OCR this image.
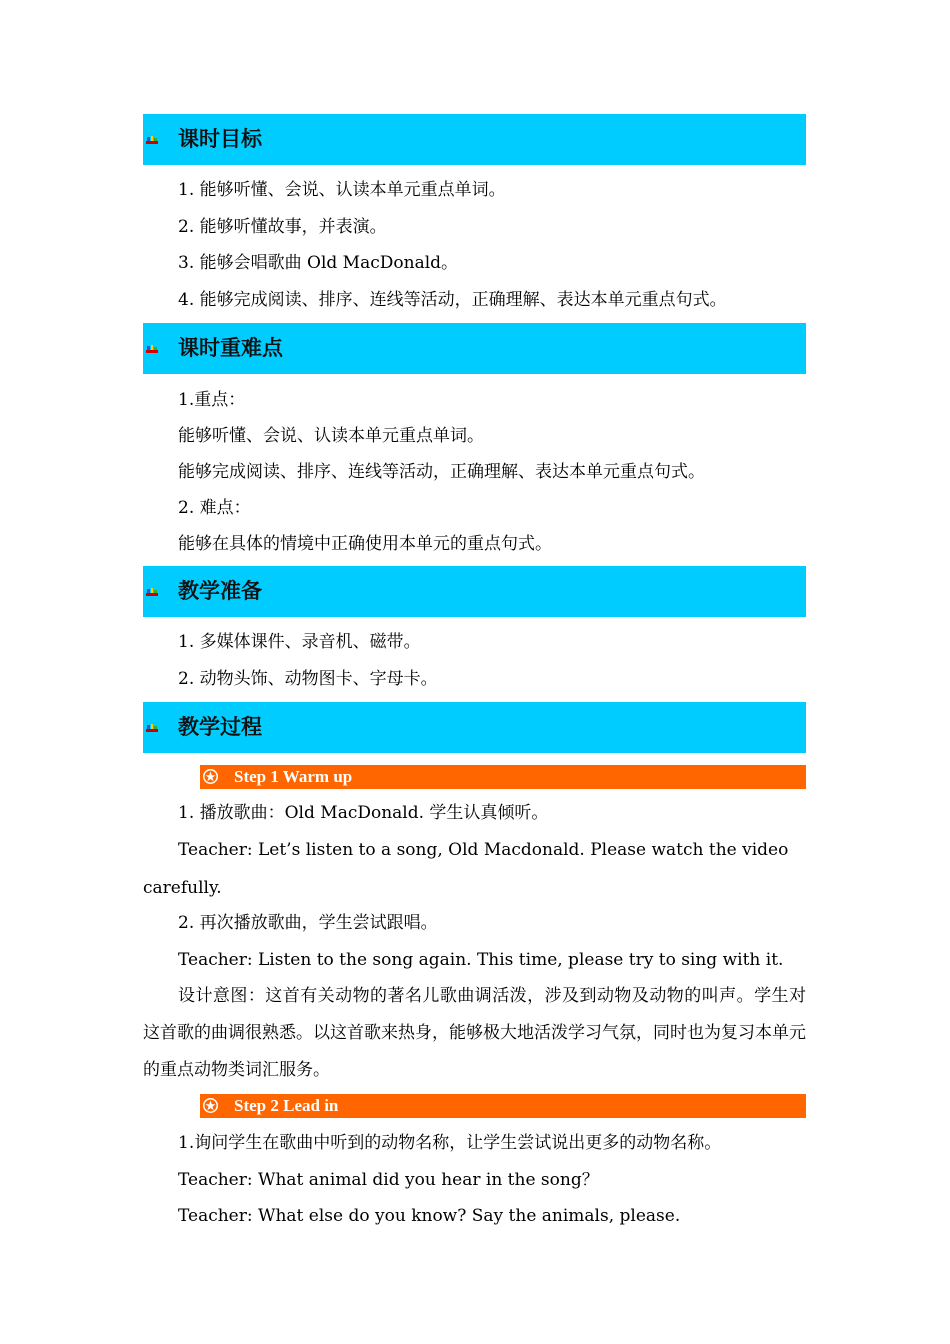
课时目标
1. 能够听懂、会说、认读本单元重点单词。
2. 能够听懂故事，并表演。
3. 能够会唱歌曲 Old MacDonald。
4. 能够完成阅读、排序、连线等活动，正确理解、表达本单元重点句式。
课时重难点
1.重点：
能够听懂、会说、认读本单元重点单词。
能够完成阅读、排序、连线等活动，正确理解、表达本单元重点句式。
2. 难点：
能够在具体的情境中正确使用本单元的重点句式。
教学准备
1. 多媒体课件、录音机、磁带。
2. 动物头饰、动物图卡、字母卡。
教学过程
Step 1 Warm up
1. 播放歌曲：Old MacDonald. 学生认真倾听。
Teacher: Let’s listen to a song, Old Macdonald. Please watch the video
carefully.
2. 再次播放歌曲，学生尝试跟唱。
Teacher: Listen to the song again. This time, please try to sing with it.
设计意图：这首有关动物的著名儿歌曲调活泼，涉及到动物及动物的叫声。学生对这首歌的曲调很熟悉。以这首歌来热身，能够极大地活泼学习气氛，同时也为复习本单元的重点动物类词汇服务。
Step 2 Lead in
1.询问学生在歌曲中听到的动物名称，让学生尝试说出更多的动物名称。
Teacher: What animal did you hear in the song？
Teacher: What else do you know? Say the animals, please.
